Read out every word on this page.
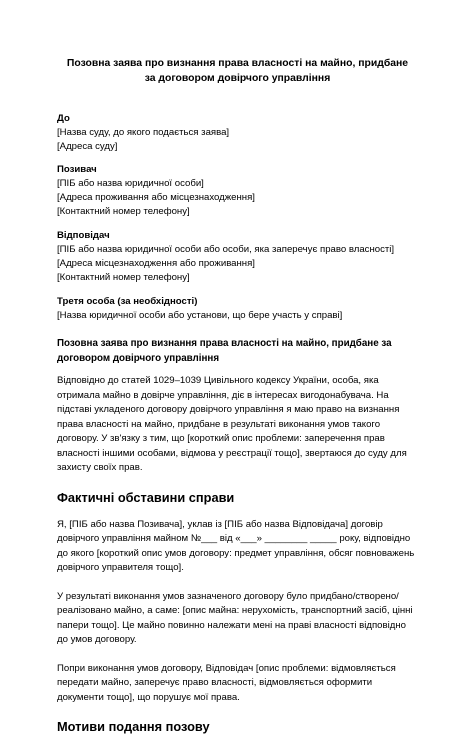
Позовна заява про визнання права власності на майно, придбане за договором довірчого управління

До

[Назва суду, до якого подається заява]

[Адреса суду]

Позивач

[ПІБ або назва юридичної особи]

[Адреса проживання або місцезнаходження]

[Контактний номер телефону]

Відповідач

[ПІБ або назва юридичної особи або особи, яка заперечує право власності]

[Адреса місцезнаходження або проживання]

[Контактний номер телефону]

Третя особа (за необхідності)

[Назва юридичної особи або установи, що бере участь у справі]

Позовна заява про визнання права власності на майно, придбане за договором довірчого управління

Відповідно до статей 1029–1039 Цивільного кодексу України, особа, яка отримала майно в довірче управління, діє в інтересах вигодонабувача. На підставі укладеного договору довірчого управління я маю право на визнання права власності на майно, придбане в результаті виконання умов такого договору. У зв'язку з тим, що [короткий опис проблеми: заперечення прав власності іншими особами, відмова у реєстрації тощо], звертаюся до суду для захисту своїх прав.

Фактичні обставини справи

Я, [ПІБ або назва Позивача], уклав із [ПІБ або назва Відповідача] договір довірчого управління майном №___ від «___» ________ _____ року, відповідно до якого [короткий опис умов договору: предмет управління, обсяг повноважень довірчого управителя тощо].

У результаті виконання умов зазначеного договору було придбано/створено/реалізовано майно, а саме: [опис майна: нерухомість, транспортний засіб, цінні папери тощо]. Це майно повинно належати мені на праві власності відповідно до умов договору.

Попри виконання умов договору, Відповідач [опис проблеми: відмовляється передати майно, заперечує право власності, відмовляється оформити документи тощо], що порушує мої права.

Мотиви подання позову
